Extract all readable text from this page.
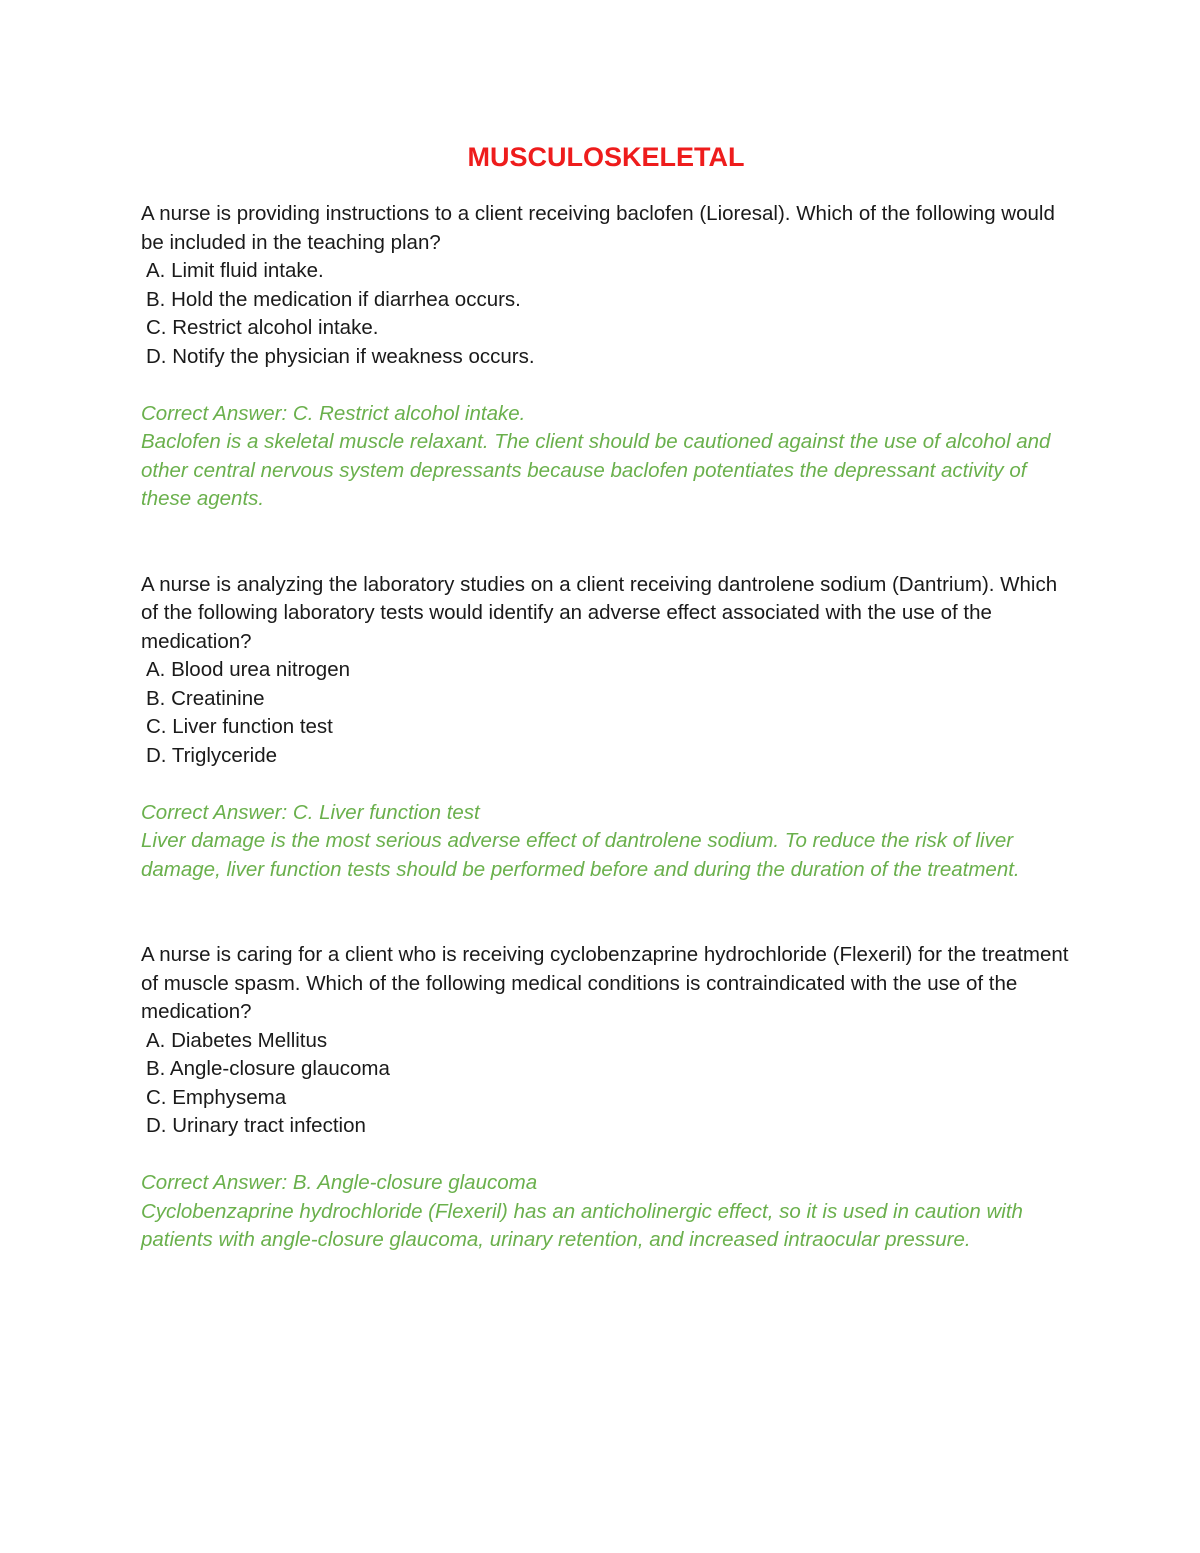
MUSCULOSKELETAL

A nurse is providing instructions to a client receiving baclofen (Lioresal). Which of the following would be included in the teaching plan?

A. Limit fluid intake.
B. Hold the medication if diarrhea occurs.
C. Restrict alcohol intake.
D. Notify the physician if weakness occurs.

Correct Answer: C. Restrict alcohol intake.

Baclofen is a skeletal muscle relaxant. The client should be cautioned against the use of alcohol and other central nervous system depressants because baclofen potentiates the depressant activity of these agents.

A nurse is analyzing the laboratory studies on a client receiving dantrolene sodium (Dantrium). Which of the following laboratory tests would identify an adverse effect associated with the use of the medication?

A. Blood urea nitrogen
B. Creatinine
C. Liver function test
D. Triglyceride

Correct Answer: C. Liver function test

Liver damage is the most serious adverse effect of dantrolene sodium. To reduce the risk of liver damage, liver function tests should be performed before and during the duration of the treatment.

A nurse is caring for a client who is receiving cyclobenzaprine hydrochloride (Flexeril) for the treatment of muscle spasm. Which of the following medical conditions is contraindicated with the use of the medication?

A. Diabetes Mellitus
B. Angle-closure glaucoma
C. Emphysema
D. Urinary tract infection

Correct Answer: B. Angle-closure glaucoma

Cyclobenzaprine hydrochloride (Flexeril) has an anticholinergic effect, so it is used in caution with patients with angle-closure glaucoma, urinary retention, and increased intraocular pressure.
